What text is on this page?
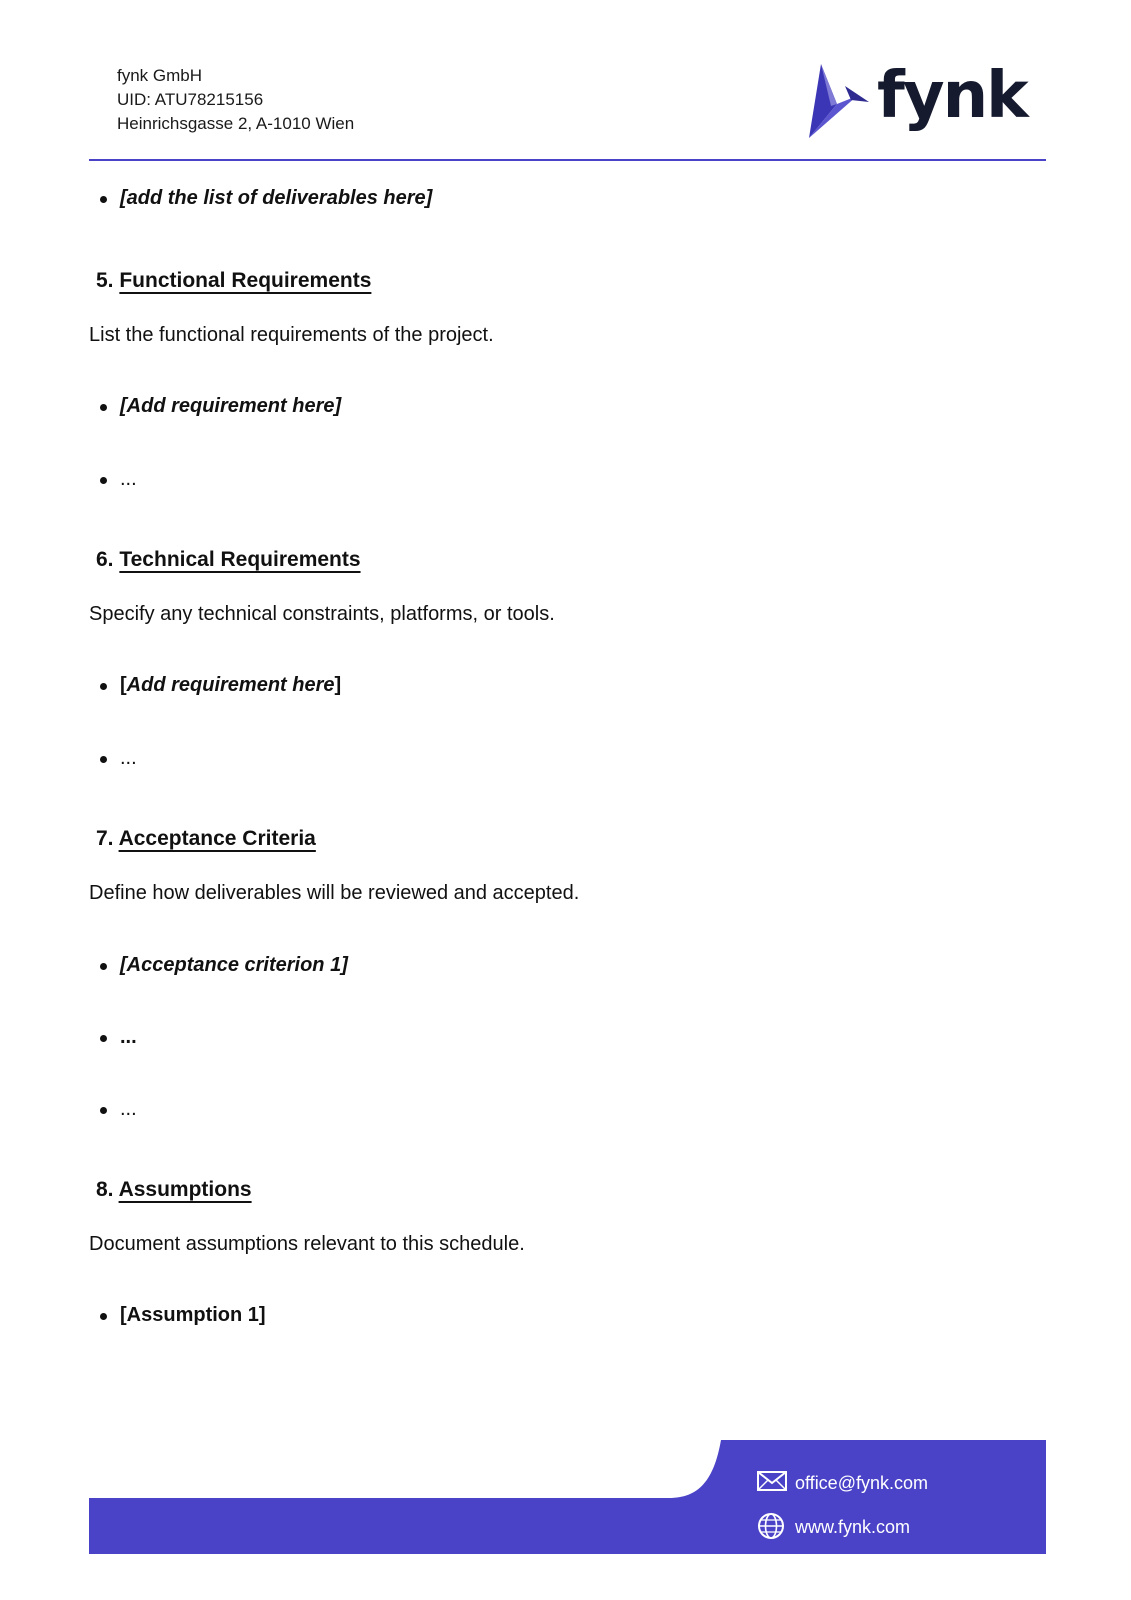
fynk GmbH
UID: ATU78215156
Heinrichsgasse 2, A-1010 Wien	fynk
[add the list of deliverables here]
5. Functional Requirements
List the functional requirements of the project.
[Add requirement here]
...
6. Technical Requirements
Specify any technical constraints, platforms, or tools.
[Add requirement here]
...
7. Acceptance Criteria
Define how deliverables will be reviewed and accepted.
[Acceptance criterion 1]
...
...
8. Assumptions
Document assumptions relevant to this schedule.
[Assumption 1]
office@fynk.com
www.fynk.com
